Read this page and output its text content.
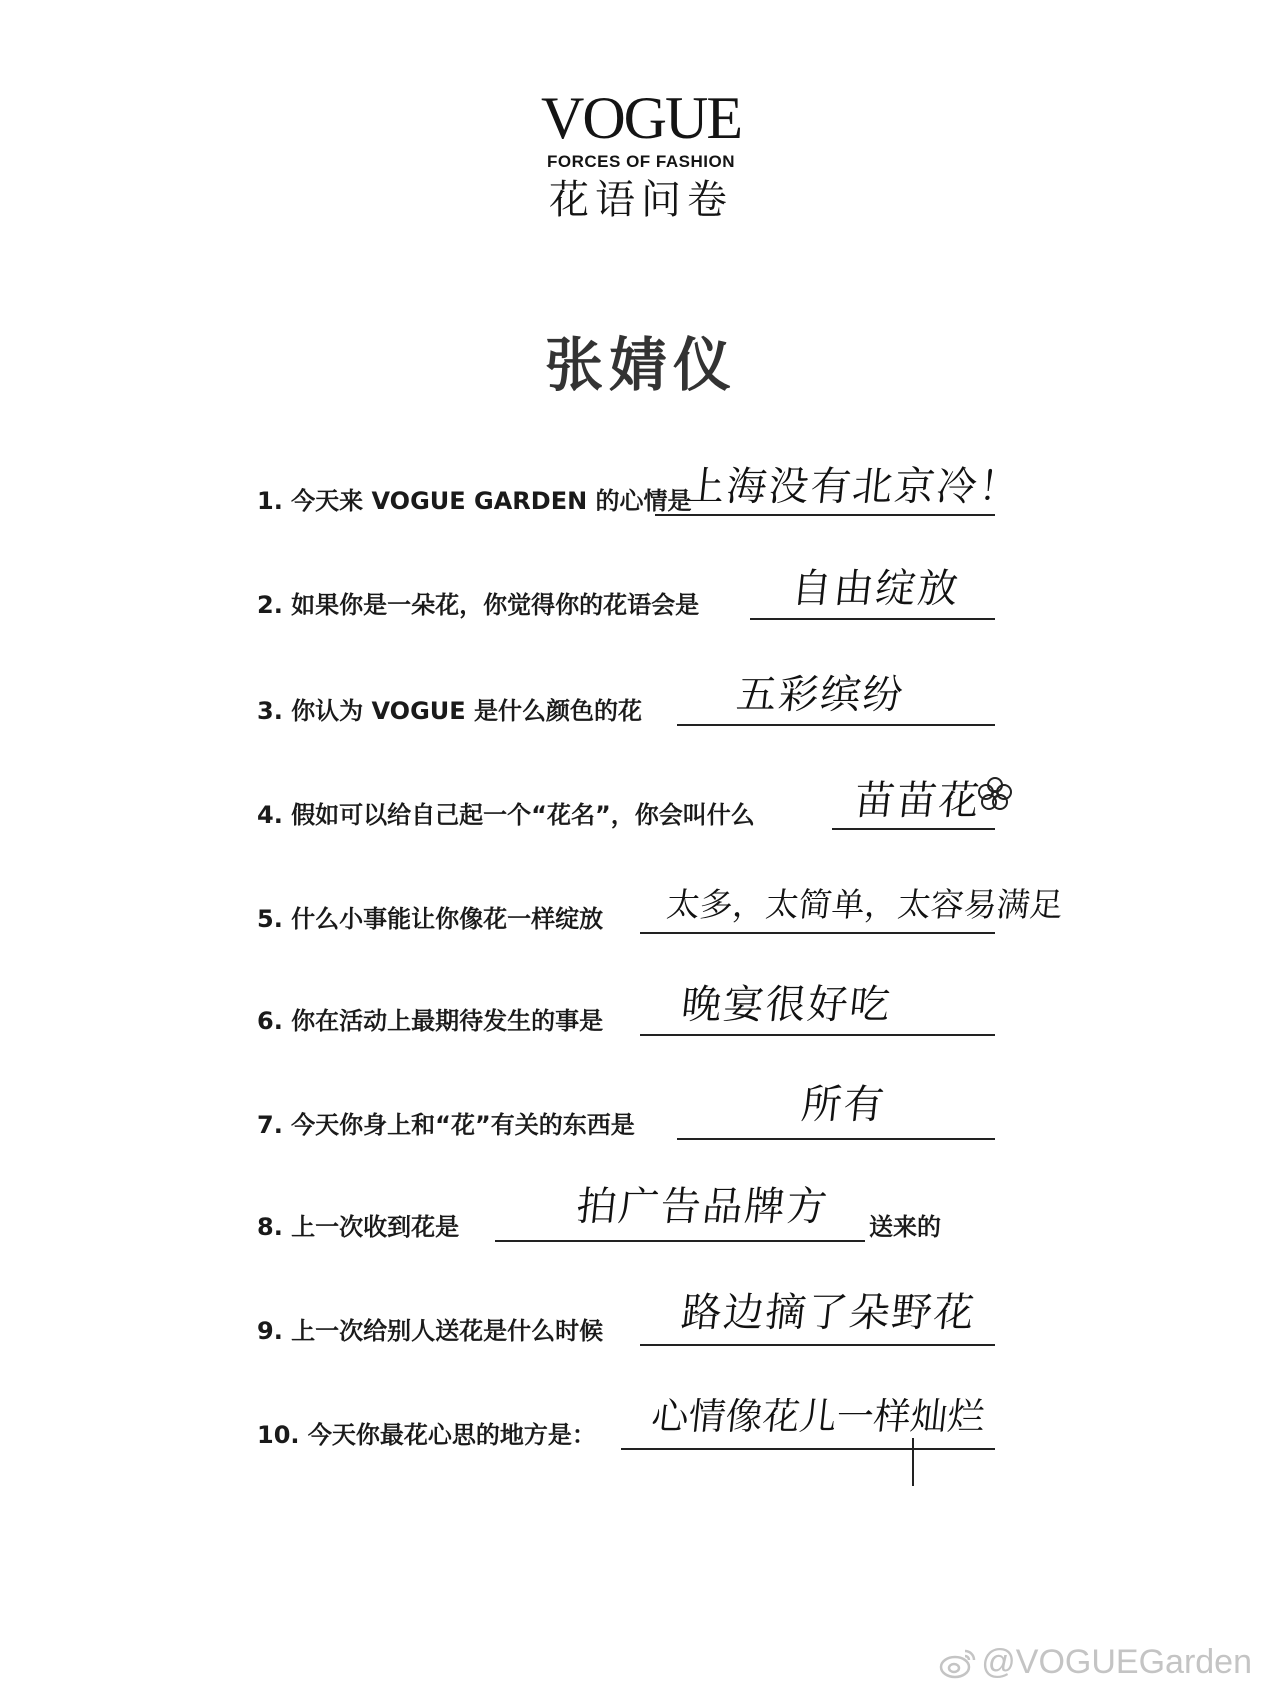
VOGUE
FORCES OF FASHION
花语问卷
张婧仪
1. 今天来 VOGUE GARDEN 的心情是
上海没有北京冷！
2. 如果你是一朵花，你觉得你的花语会是 自由绽放
3. 你认为 VOGUE 是什么颜色的花 五彩缤纷
4. 假如可以给自己起一个“花名”，你会叫什么 苗苗花
5. 什么小事能让你像花一样绽放 太多，太简单，太容易满足
6. 你在活动上最期待发生的事是 晚宴很好吃
7. 今天你身上和“花”有关的东西是	所有
8. 上一次收到花是	拍广告品牌方 送来的
9. 上一次给别人送花是什么时候 路边摘了朵野花
10. 今天你最花心思的地方是： 心情像花儿一样灿烂
@VOGUEGarden
